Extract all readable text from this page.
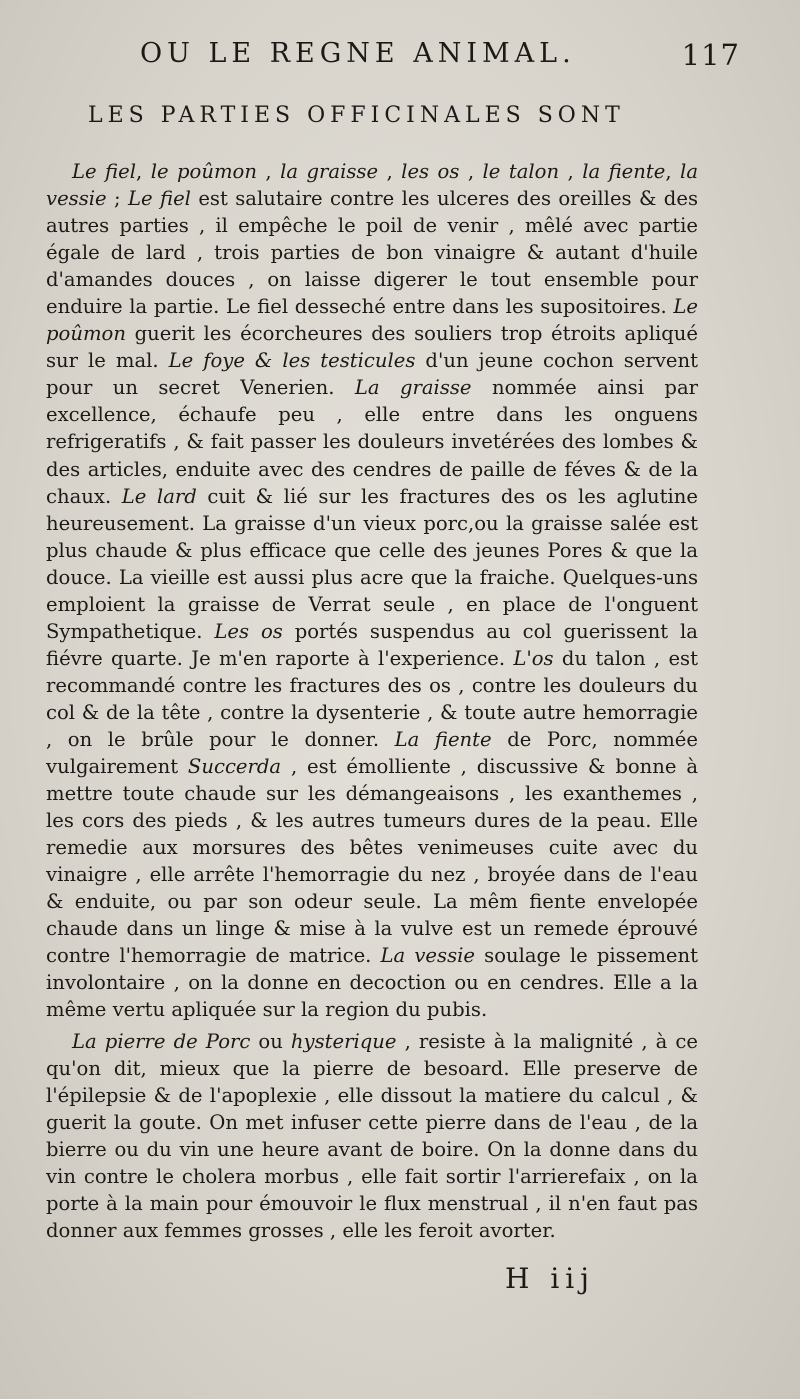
OU LE REGNE ANIMAL.	117
LES PARTIES OFFICINALES SONT

Le fiel, le poûmon , la graisse , les os , le talon , la fiente, la vessie ; Le fiel est salutaire contre les ulceres des oreilles & des autres parties , il empêche le poil de venir , mêlé avec partie égale de lard , trois parties de bon vinaigre & autant d'huile d'amandes douces , on laisse digerer le tout ensemble pour enduire la partie. Le fiel desseché entre dans les supositoires. Le poûmon guerit les écorcheures des souliers trop étroits apliqué sur le mal. Le foye & les testicules d'un jeune cochon servent pour un secret Venerien. La graisse nommée ainsi par excellence, échaufe peu , elle entre dans les onguens refrigeratifs , & fait passer les douleurs invetérées des lombes & des articles, enduite avec des cendres de paille de féves & de la chaux. Le lard cuit & lié sur les fractures des os les aglutine heureusement. La graisse d'un vieux porc,ou la graisse salée est plus chaude & plus efficace que celle des jeunes Pores & que la douce. La vieille est aussi plus acre que la fraiche. Quelques-uns emploient la graisse de Verrat seule , en place de l'onguent Sympathetique. Les os portés suspendus au col guerissent la fiévre quarte. Je m'en raporte à l'experience. L'os du talon , est recommandé contre les fractures des os , contre les douleurs du col & de la tête , contre la dysenterie , & toute autre hemorragie , on le brûle pour le donner. La fiente de Porc, nommée vulgairement Succerda , est émolliente , discussive & bonne à mettre toute chaude sur les démangeaisons , les exanthemes , les cors des pieds , & les autres tumeurs dures de la peau. Elle remedie aux morsures des bêtes venimeuses cuite avec du vinaigre , elle arrête l'hemorragie du nez , broyée dans de l'eau & enduite, ou par son odeur seule. La mêm fiente envelopée chaude dans un linge & mise à la vulve est un remede éprouvé contre l'hemorragie de matrice. La vessie soulage le pissement involontaire , on la donne en decoction ou en cendres. Elle a la même vertu apliquée sur la region du pubis.

La pierre de Porc ou hysterique , resiste à la malignité , à ce qu'on dit, mieux que la pierre de besoard. Elle preserve de l'épilepsie & de l'apoplexie , elle dissout la matiere du calcul , & guerit la goute. On met infuser cette pierre dans de l'eau , de la bierre ou du vin une heure avant de boire. On la donne dans du vin contre le cholera morbus , elle fait sortir l'arrierefaix , on la porte à la main pour émouvoir le flux menstrual , il n'en faut pas donner aux femmes grosses , elle les feroit avorter.

H iij
